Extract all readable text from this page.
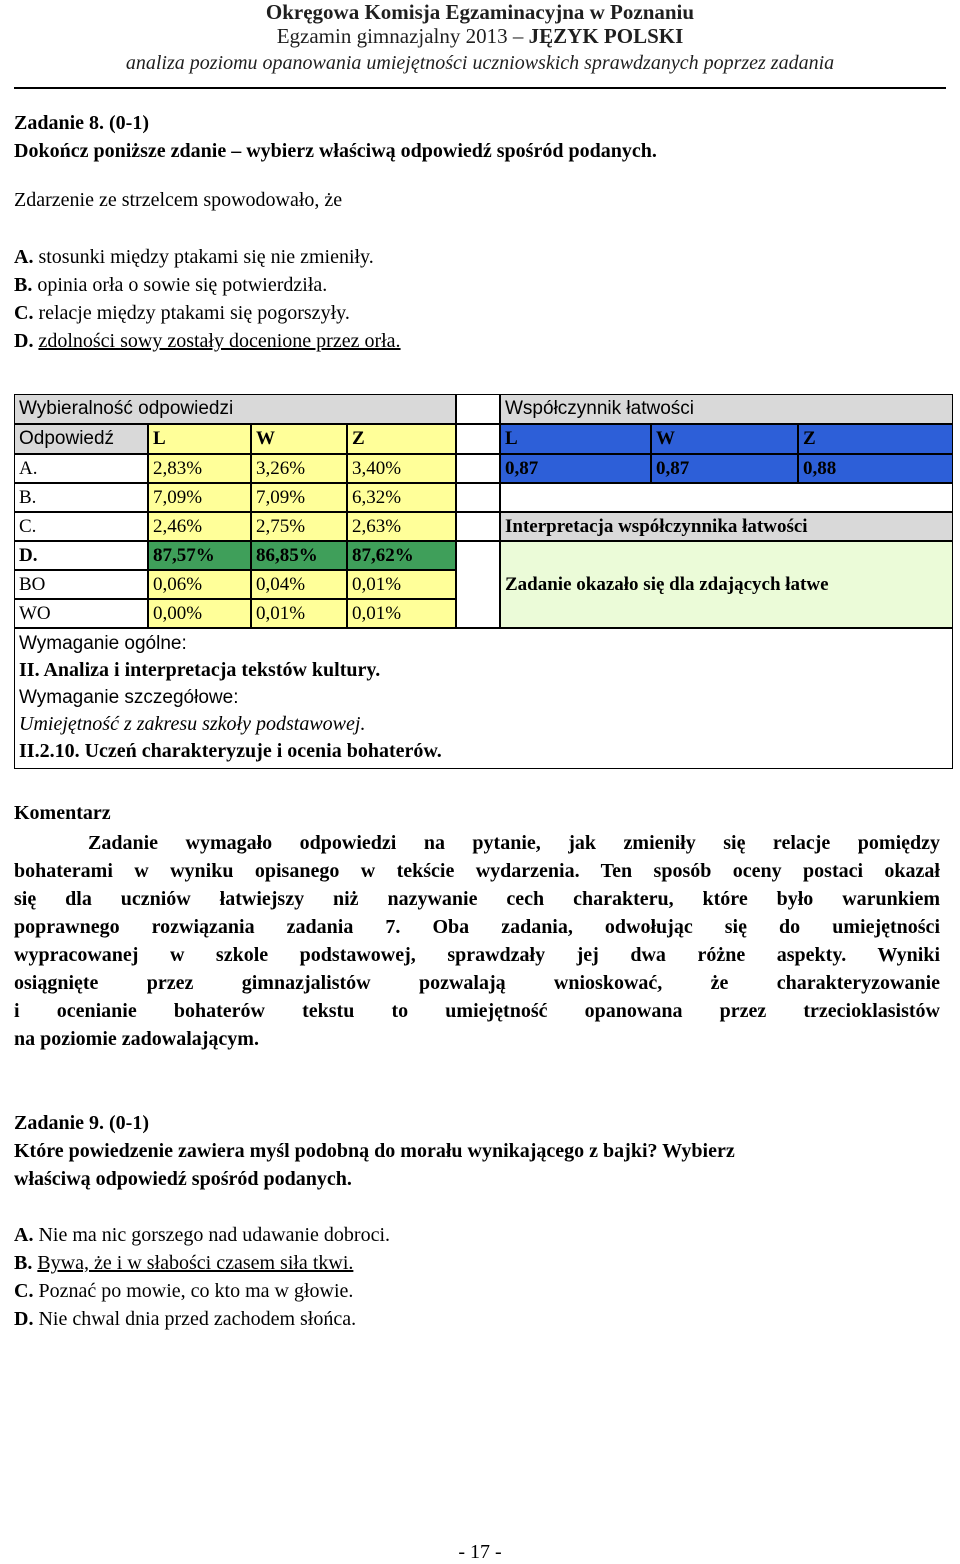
Okręgowa Komisja Egzaminacyjna w Poznaniu
Egzamin gimnazjalny 2013 – JĘZYK POLSKI
analiza poziomu opanowania umiejętności uczniowskich sprawdzanych poprzez zadania
Zadanie 8. (0-1)
Dokończ poniższe zdanie – wybierz właściwą odpowiedź spośród podanych.
Zdarzenie ze strzelcem spowodowało, że
A. stosunki między ptakami się nie zmieniły.
B. opinia orła o sowie się potwierdziła.
C. relacje między ptakami się pogorszyły.
D. zdolności sowy zostały docenione przez orła.
Wybieralność odpowiedzi	Współczynnik łatwości
Odpowiedź	L	W	Z	L	W	Z
A.	2,83%	3,26%	3,40%	0,87	0,87	0,88
B.	7,09%	7,09%	6,32%
C.	2,46%	2,75%	2,63%	Interpretacja współczynnika łatwości
D.	87,57%	86,85%	87,62%
Zadanie okazało się dla zdających łatwe
BO	0,06%	0,04%	0,01%
WO	0,00%	0,01%	0,01%
Wymaganie ogólne:
II. Analiza i interpretacja tekstów kultury.
Wymaganie szczegółowe:
Umiejętność z zakresu szkoły podstawowej.
II.2.10. Uczeń charakteryzuje i ocenia bohaterów.
Komentarz
Zadanie wymagało odpowiedzi na pytanie, jak zmieniły się relacje pomiędzy
bohaterami w wyniku opisanego w tekście wydarzenia. Ten sposób oceny postaci okazał
się dla uczniów łatwiejszy niż nazywanie cech charakteru, które było warunkiem
poprawnego rozwiązania zadania 7. Oba zadania, odwołując się do umiejętności
wypracowanej w szkole podstawowej, sprawdzały jej dwa różne aspekty. Wyniki
osiągnięte przez gimnazjalistów pozwalają wnioskować, że charakteryzowanie
i ocenianie bohaterów tekstu to umiejętność opanowana przez trzecioklasistów
na poziomie zadowalającym.
Zadanie 9. (0-1)
Które powiedzenie zawiera myśl podobną do morału wynikającego z bajki? Wybierz
właściwą odpowiedź spośród podanych.
A. Nie ma nic gorszego nad udawanie dobroci.
B. Bywa, że i w słabości czasem siła tkwi.
C. Poznać po mowie, co kto ma w głowie.
D. Nie chwal dnia przed zachodem słońca.
- 17 -
